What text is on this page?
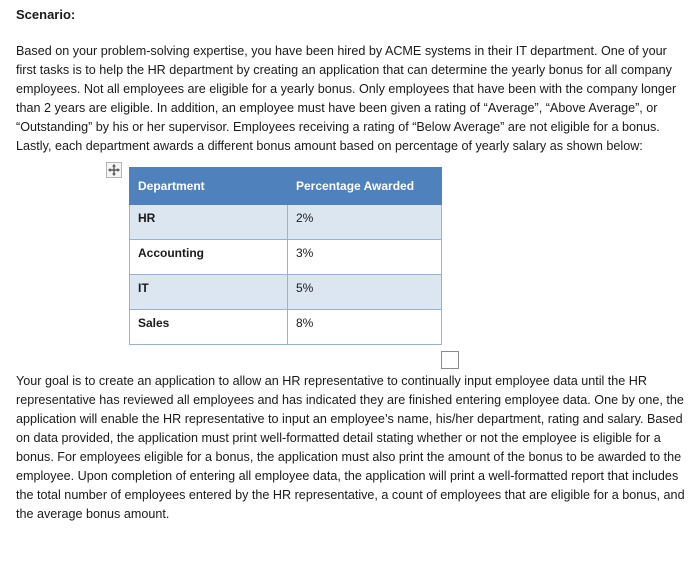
Scenario:

Based on your problem-solving expertise, you have been hired by ACME systems in their IT department. One of your first tasks is to help the HR department by creating an application that can determine the yearly bonus for all company employees. Not all employees are eligible for a yearly bonus. Only employees that have been with the company longer than 2 years are eligible. In addition, an employee must have been given a rating of “Average”, “Above Average”, or “Outstanding” by his or her supervisor. Employees receiving a rating of “Below Average” are not eligible for a bonus. Lastly, each department awards a different bonus amount based on percentage of yearly salary as shown below:

Department	Percentage Awarded
HR	2%
Accounting	3%
IT	5%
Sales	8%

Your goal is to create an application to allow an HR representative to continually input employee data until the HR representative has reviewed all employees and has indicated they are finished entering employee data. One by one, the application will enable the HR representative to input an employee’s name, his/her department, rating and salary. Based on data provided, the application must print well-formatted detail stating whether or not the employee is eligible for a bonus. For employees eligible for a bonus, the application must also print the amount of the bonus to be awarded to the employee. Upon completion of entering all employee data, the application will print a well-formatted report that includes the total number of employees entered by the HR representative, a count of employees that are eligible for a bonus, and the average bonus amount.
